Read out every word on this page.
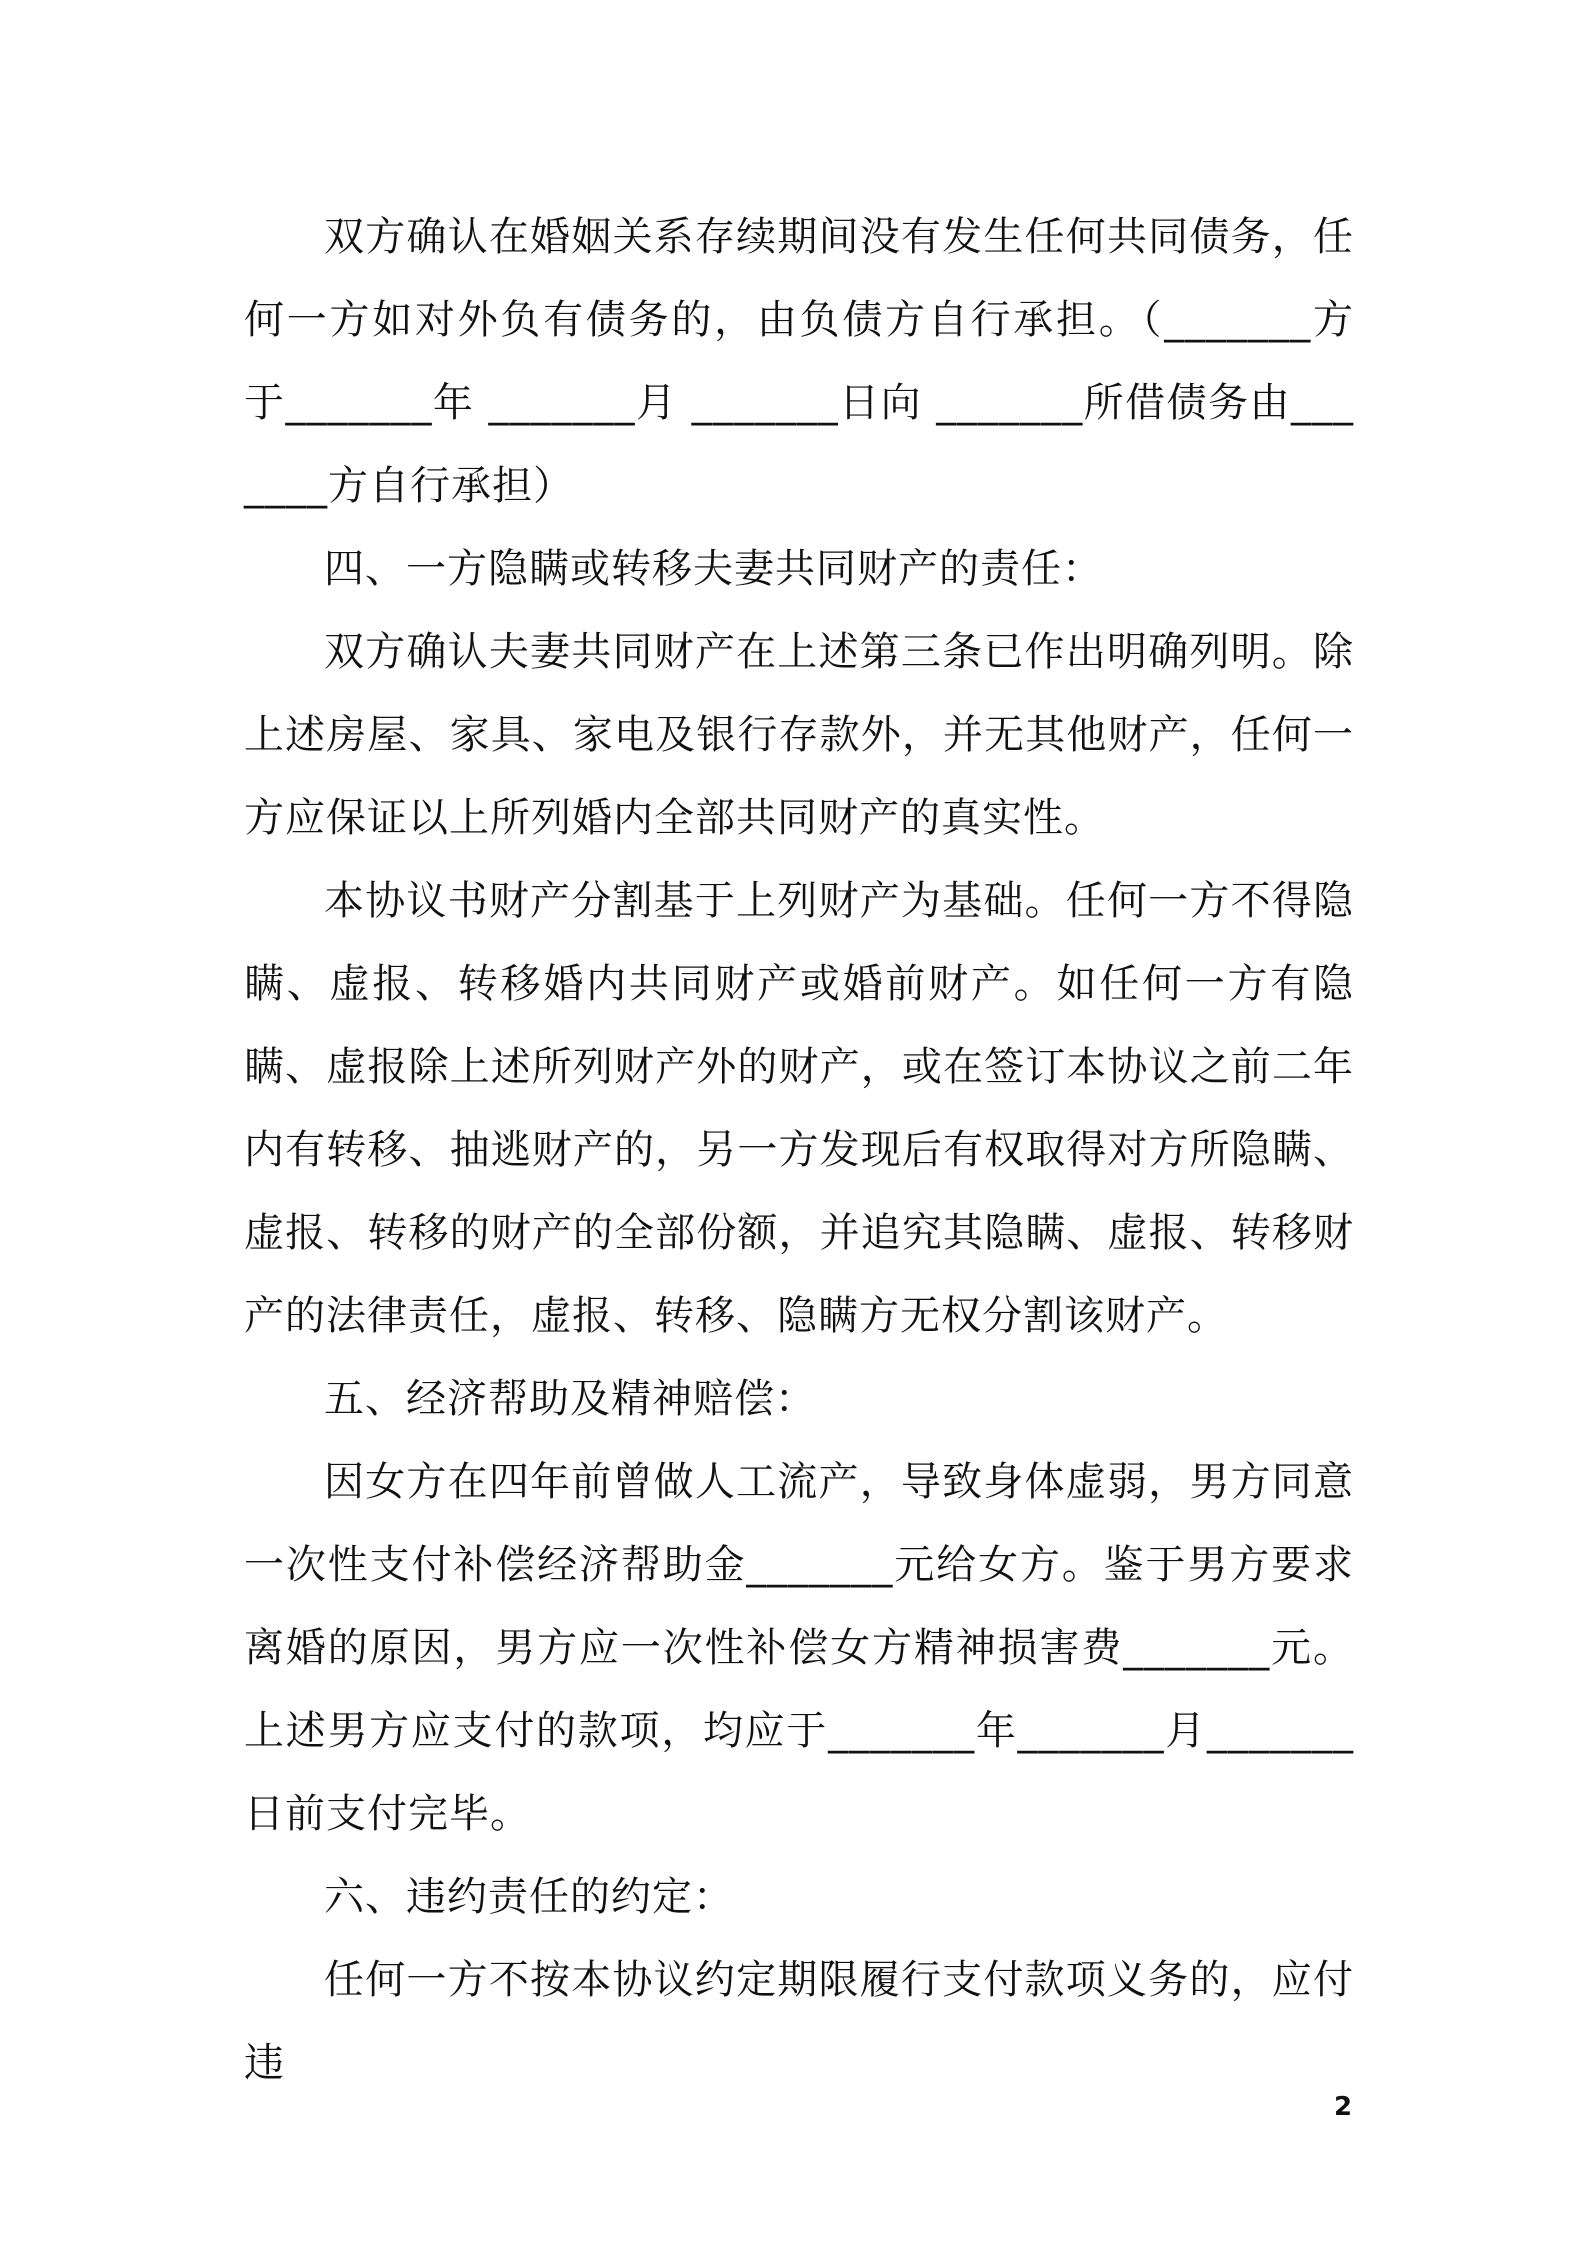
双方确认在婚姻关系存续期间没有发生任何共同债务，任何一方如对外负有债务的，由负债方自行承担。（_______方于_______年 _______月 _______日向 _______所借债务由_______方自行承担）

四、一方隐瞒或转移夫妻共同财产的责任：

双方确认夫妻共同财产在上述第三条已作出明确列明。除上述房屋、家具、家电及银行存款外，并无其他财产，任何一方应保证以上所列婚内全部共同财产的真实性。

本协议书财产分割基于上列财产为基础。任何一方不得隐瞒、虚报、转移婚内共同财产或婚前财产。如任何一方有隐瞒、虚报除上述所列财产外的财产，或在签订本协议之前二年内有转移、抽逃财产的，另一方发现后有权取得对方所隐瞒、虚报、转移的财产的全部份额，并追究其隐瞒、虚报、转移财产的法律责任，虚报、转移、隐瞒方无权分割该财产。

五、经济帮助及精神赔偿：

因女方在四年前曾做人工流产，导致身体虚弱，男方同意一次性支付补偿经济帮助金_______元给女方。鉴于男方要求离婚的原因，男方应一次性补偿女方精神损害费_______元。上述男方应支付的款项，均应于_______年_______月_______日前支付完毕。

六、违约责任的约定：

任何一方不按本协议约定期限履行支付款项义务的，应付违

2
